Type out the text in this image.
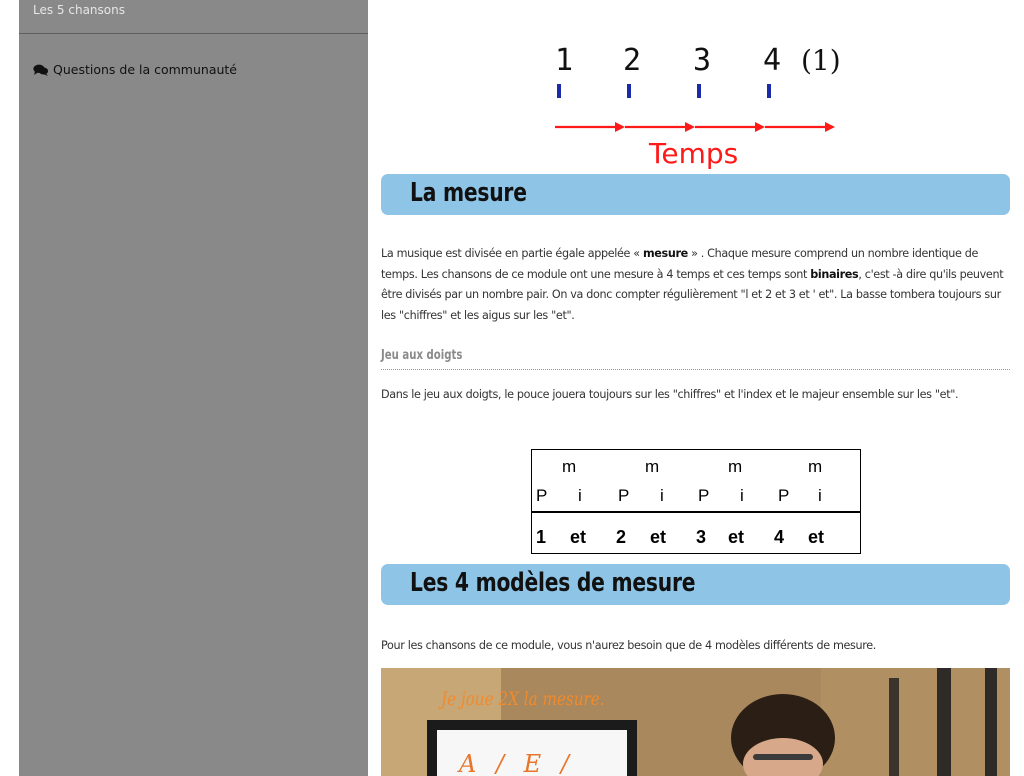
Les 5 chansons
Questions de la communauté	1 2 3 4 (1)
Temps
La mesure
La musique est divisée en partie égale appelée « mesure » . Chaque mesure comprend un nombre identique de temps. Les chansons de ce module ont une mesure à 4 temps et ces temps sont binaires, c'est -à dire qu'ils peuvent être divisés par un nombre pair. On va donc compter régulièrement "l et 2 et 3 et ' et". La basse tombera toujours sur les "chiffres" et les aigus sur les "et".
Jeu aux doigts
Dans le jeu aux doigts, le pouce jouera toujours sur les "chiffres" et l'index et le majeur ensemble sur les "et".
m	m	m	m
P i P i P i P i
1 et 2 et 3 et 4 et
Les 4 modèles de mesure
Pour les chansons de ce module, vous n'aurez besoin que de 4 modèles différents de mesure.
Je joue 2X la mesure.
A / E /
